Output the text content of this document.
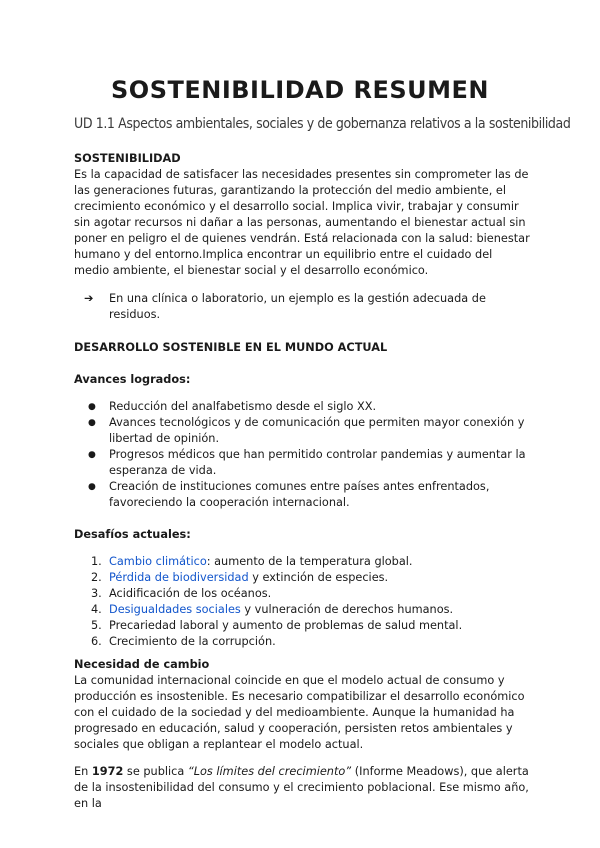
SOSTENIBILIDAD RESUMEN
UD 1.1 Aspectos ambientales, sociales y de gobernanza relativos a la sostenibilidad

SOSTENIBILIDAD

Es la capacidad de satisfacer las necesidades presentes sin comprometer las de las generaciones futuras, garantizando la protección del medio ambiente, el crecimiento económico y el desarrollo social. Implica vivir, trabajar y consumir sin agotar recursos ni dañar a las personas, aumentando el bienestar actual sin poner en peligro el de quienes vendrán. Está relacionada con la salud: bienestar humano y del entorno.Implica encontrar un equilibrio entre el cuidado del medio ambiente, el bienestar social y el desarrollo económico.

➔ En una clínica o laboratorio, un ejemplo es la gestión adecuada de residuos.

DESARROLLO SOSTENIBLE EN EL MUNDO ACTUAL

Avances logrados:

● Reducción del analfabetismo desde el siglo XX.
● Avances tecnológicos y de comunicación que permiten mayor conexión y libertad de opinión.
● Progresos médicos que han permitido controlar pandemias y aumentar la esperanza de vida.
● Creación de instituciones comunes entre países antes enfrentados, favoreciendo la cooperación internacional.

Desafíos actuales:

1. Cambio climático: aumento de la temperatura global.
2. Pérdida de biodiversidad y extinción de especies.
3. Acidificación de los océanos.
4. Desigualdades sociales y vulneración de derechos humanos.
5. Precariedad laboral y aumento de problemas de salud mental.
6. Crecimiento de la corrupción.

Necesidad de cambio

La comunidad internacional coincide en que el modelo actual de consumo y producción es insostenible. Es necesario compatibilizar el desarrollo económico con el cuidado de la sociedad y del medioambiente. Aunque la humanidad ha progresado en educación, salud y cooperación, persisten retos ambientales y sociales que obligan a replantear el modelo actual.

En 1972 se publica “Los límites del crecimiento” (Informe Meadows), que alerta de la insostenibilidad del consumo y el crecimiento poblacional. Ese mismo año, en la
